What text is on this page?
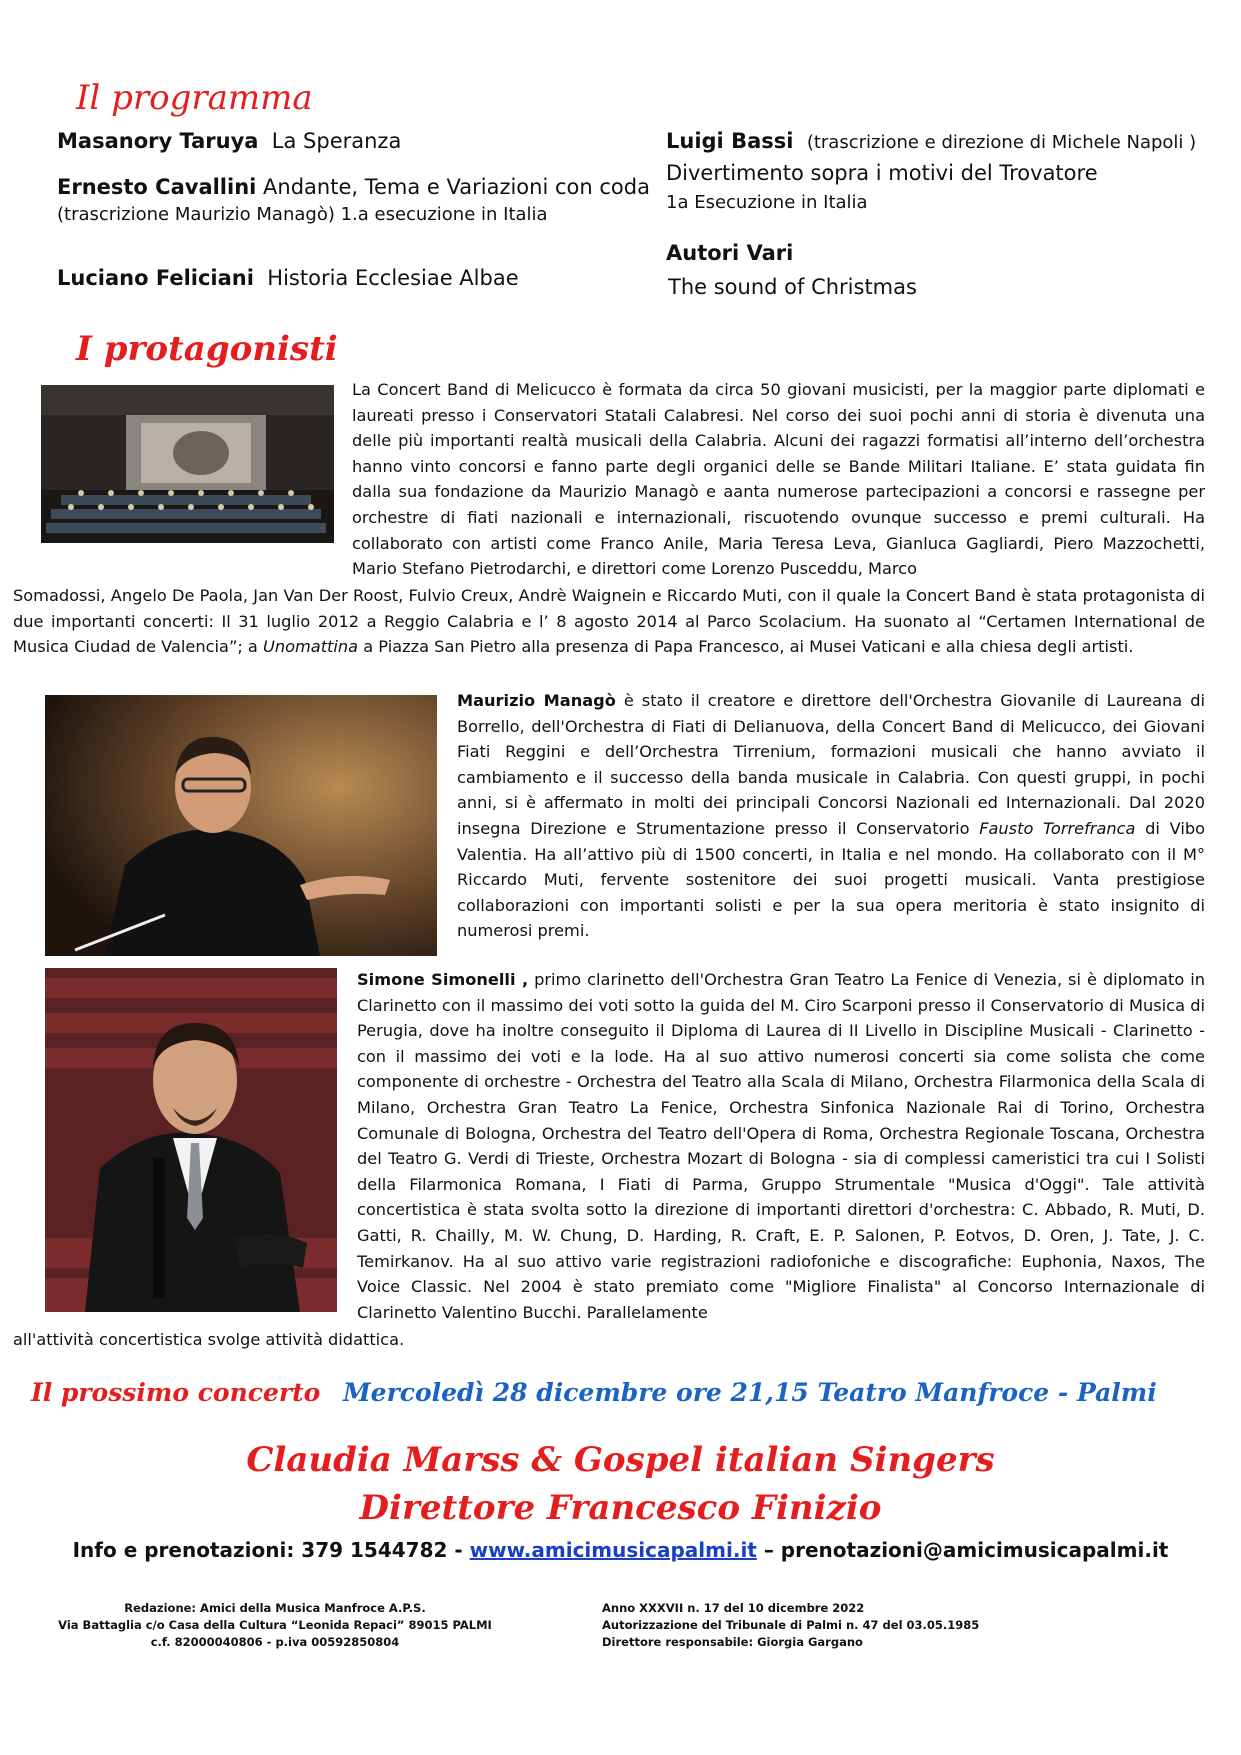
Il programma
Masanory Taruya La Speranza
Ernesto Cavallini Andante, Tema e Variazioni con coda
(trascrizione Maurizio Managò) 1.a esecuzione in Italia
Luciano Feliciani Historia Ecclesiae Albae
Luigi Bassi (trascrizione e direzione di Michele Napoli )
Divertimento sopra i motivi del Trovatore
1a Esecuzione in Italia
Autori Vari
The sound of Christmas
I protagonisti
La Concert Band di Melicucco è formata da circa 50 giovani musicisti, per la maggior parte diplomati e laureati presso i Conservatori Statali Calabresi. Nel corso dei suoi pochi anni di storia è divenuta una delle più importanti realtà musicali della Calabria. Alcuni dei ragazzi formatisi all’interno dell’orchestra hanno vinto concorsi e fanno parte degli organici delle se Bande Militari Italiane. E’ stata guidata fin dalla sua fondazione da Maurizio Managò e aanta numerose partecipazioni a concorsi e rassegne per orchestre di fiati nazionali e internazionali, riscuotendo ovunque successo e premi culturali. Ha collaborato con artisti come Franco Anile, Maria Teresa Leva, Gianluca Gagliardi, Piero Mazzochetti, Mario Stefano Pietrodarchi, e direttori come Lorenzo Pusceddu, Marco
Somadossi, Angelo De Paola, Jan Van Der Roost, Fulvio Creux, Andrè Waignein e Riccardo Muti, con il quale la Concert Band è stata protagonista di due importanti concerti: Il 31 luglio 2012 a Reggio Calabria e l’ 8 agosto 2014 al Parco Scolacium. Ha suonato al “Certamen International de Musica Ciudad de Valencia”; a Unomattina a Piazza San Pietro alla presenza di Papa Francesco, ai Musei Vaticani e alla chiesa degli artisti.
Maurizio Managò è stato il creatore e direttore dell'Orchestra Giovanile di Laureana di Borrello, dell'Orchestra di Fiati di Delianuova, della Concert Band di Melicucco, dei Giovani Fiati Reggini e dell’Orchestra Tirrenium, formazioni musicali che hanno avviato il cambiamento e il successo della banda musicale in Calabria. Con questi gruppi, in pochi anni, si è affermato in molti dei principali Concorsi Nazionali ed Internazionali. Dal 2020 insegna Direzione e Strumentazione presso il Conservatorio Fausto Torrefranca di Vibo Valentia. Ha all’attivo più di 1500 concerti, in Italia e nel mondo. Ha collaborato con il M° Riccardo Muti, fervente sostenitore dei suoi progetti musicali. Vanta prestigiose collaborazioni con importanti solisti e per la sua opera meritoria è stato insignito di numerosi premi.
Simone Simonelli , primo clarinetto dell'Orchestra Gran Teatro La Fenice di Venezia, si è diplomato in Clarinetto con il massimo dei voti sotto la guida del M. Ciro Scarponi presso il Conservatorio di Musica di Perugia, dove ha inoltre conseguito il Diploma di Laurea di II Livello in Discipline Musicali - Clarinetto - con il massimo dei voti e la lode. Ha al suo attivo numerosi concerti sia come solista che come componente di orchestre - Orchestra del Teatro alla Scala di Milano, Orchestra Filarmonica della Scala di Milano, Orchestra Gran Teatro La Fenice, Orchestra Sinfonica Nazionale Rai di Torino, Orchestra Comunale di Bologna, Orchestra del Teatro dell'Opera di Roma, Orchestra Regionale Toscana, Orchestra del Teatro G. Verdi di Trieste, Orchestra Mozart di Bologna - sia di complessi cameristici tra cui I Solisti della Filarmonica Romana, I Fiati di Parma, Gruppo Strumentale "Musica d'Oggi". Tale attività concertistica è stata svolta sotto la direzione di importanti direttori d'orchestra: C. Abbado, R. Muti, D. Gatti, R. Chailly, M. W. Chung, D. Harding, R. Craft, E. P. Salonen, P. Eotvos, D. Oren, J. Tate, J. C. Temirkanov. Ha al suo attivo varie registrazioni radiofoniche e discografiche: Euphonia, Naxos, The Voice Classic. Nel 2004 è stato premiato come "Migliore Finalista" al Concorso Internazionale di Clarinetto Valentino Bucchi. Parallelamente
all'attività concertistica svolge attività didattica.
Il prossimo concerto Mercoledì 28 dicembre ore 21,15 Teatro Manfroce - Palmi
Claudia Marss & Gospel italian Singers
Direttore Francesco Finizio
Info e prenotazioni: 379 1544782 - www.amicimusicapalmi.it – prenotazioni@amicimusicapalmi.it
Redazione: Amici della Musica Manfroce A.P.S.
Via Battaglia c/o Casa della Cultura “Leonida Repaci” 89015 PALMI
c.f. 82000040806 - p.iva 00592850804
Anno XXXVII n. 17 del 10 dicembre 2022
Autorizzazione del Tribunale di Palmi n. 47 del 03.05.1985
Direttore responsabile: Giorgia Gargano
